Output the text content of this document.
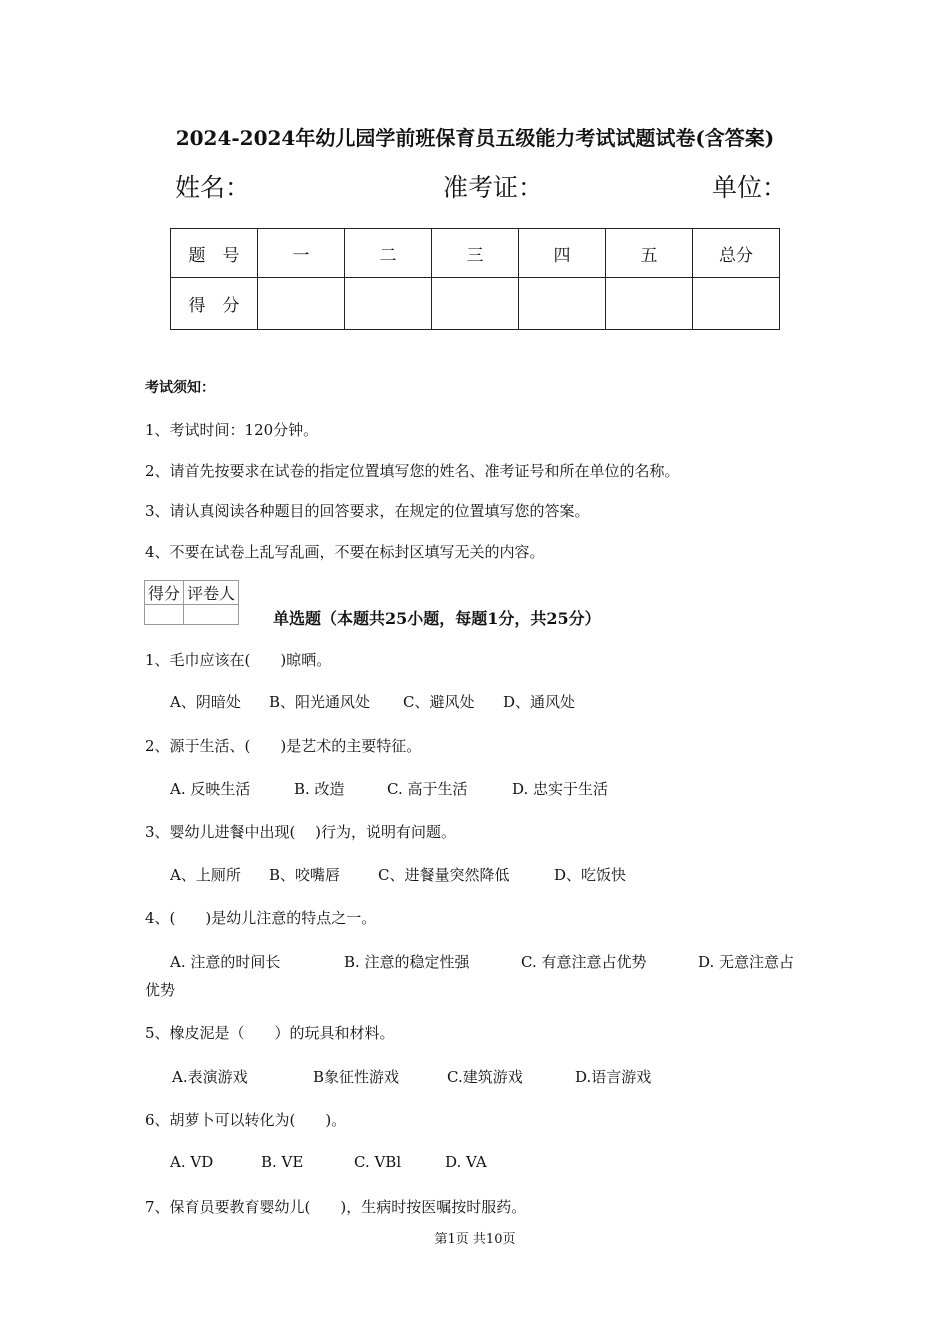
2024-2024年幼儿园学前班保育员五级能力考试试题试卷(含答案)
姓名：	准考证：	单位：
题　号	一	二	三	四	五	总分
得　分						
考试须知：
1、考试时间：120分钟。
2、请首先按要求在试卷的指定位置填写您的姓名、准考证号和所在单位的名称。
3、请认真阅读各种题目的回答要求，在规定的位置填写您的答案。
4、不要在试卷上乱写乱画，不要在标封区填写无关的内容。
得分	评卷人

单选题（本题共25小题，每题1分，共25分）
1、毛巾应该在(　　)晾晒。
A、阴暗处 B、阳光通风处 C、避风处 D、通风处
2、源于生活、(　　)是艺术的主要特征。
A. 反映生活	B. 改造	C. 高于生活	D. 忠实于生活
3、婴幼儿进餐中出现(　 )行为，说明有问题。
A、上厕所 B、咬嘴唇	C、进餐量突然降低	D、吃饭快
4、(　　)是幼儿注意的特点之一。
A. 注意的时间长	B. 注意的稳定性强	C. 有意注意占优势	D. 无意注意占
优势
5、橡皮泥是（　　）的玩具和材料。
A.表演游戏	B象征性游戏	C.建筑游戏	D.语言游戏
6、胡萝卜可以转化为(　　)。
A. VD	B. VE	C. VBl	D. VA
7、保育员要教育婴幼儿(　　)，生病时按医嘱按时服药。
第1页 共10页
